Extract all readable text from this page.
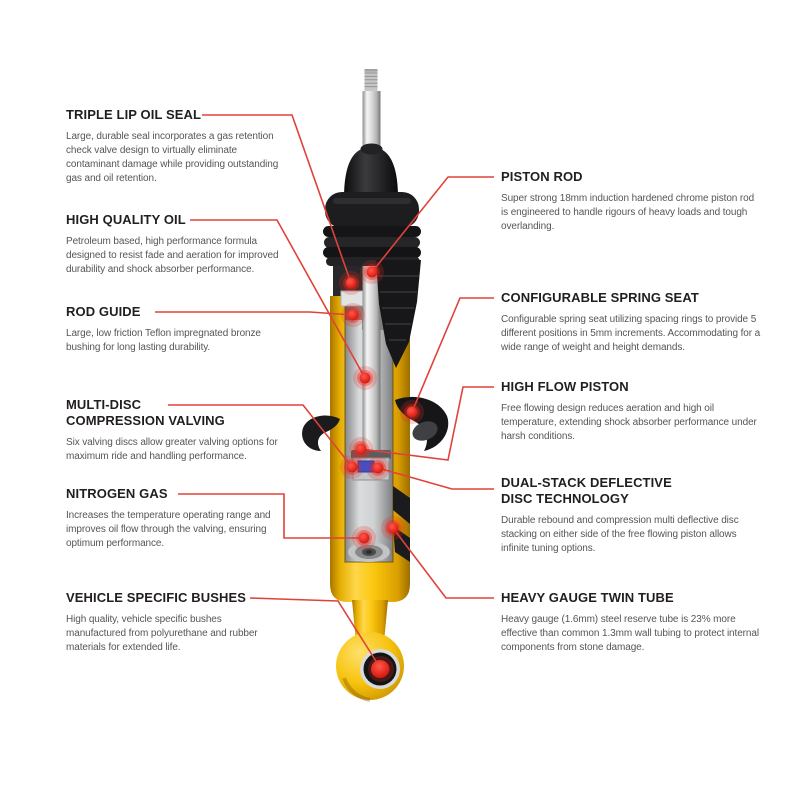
TRIPLE LIP OIL SEAL

Large, durable seal incorporates a gas retention check valve design to virtually eliminate contaminant damage while providing outstanding gas and oil retention.

HIGH QUALITY OIL

Petroleum based, high performance formula designed to resist fade and aeration for improved durability and shock absorber performance.

ROD GUIDE

Large, low friction Teflon impregnated bronze bushing for long lasting durability.

MULTI-DISC COMPRESSION VALVING

Six valving discs allow greater valving options for maximum ride and handling performance.

NITROGEN GAS

Increases the temperature operating range and improves oil flow through the valving, ensuring optimum performance.

VEHICLE SPECIFIC BUSHES

High quality, vehicle specific bushes manufactured from polyurethane and rubber materials for extended life.

PISTON ROD

Super strong 18mm induction hardened chrome piston rod is engineered to handle rigours of heavy loads and tough overlanding.

CONFIGURABLE SPRING SEAT

Configurable spring seat utilizing spacing rings to provide 5 different positions in 5mm increments. Accommodating for a wide range of weight and height demands.

HIGH FLOW PISTON

Free flowing design reduces aeration and high oil temperature, extending shock absorber performance under harsh conditions.

DUAL-STACK DEFLECTIVE DISC TECHNOLOGY

Durable rebound and compression multi deflective disc stacking on either side of the free flowing piston allows infinite tuning options.

HEAVY GAUGE TWIN TUBE

Heavy gauge (1.6mm) steel reserve tube is 23% more effective than common 1.3mm wall tubing to protect internal components from stone damage.
